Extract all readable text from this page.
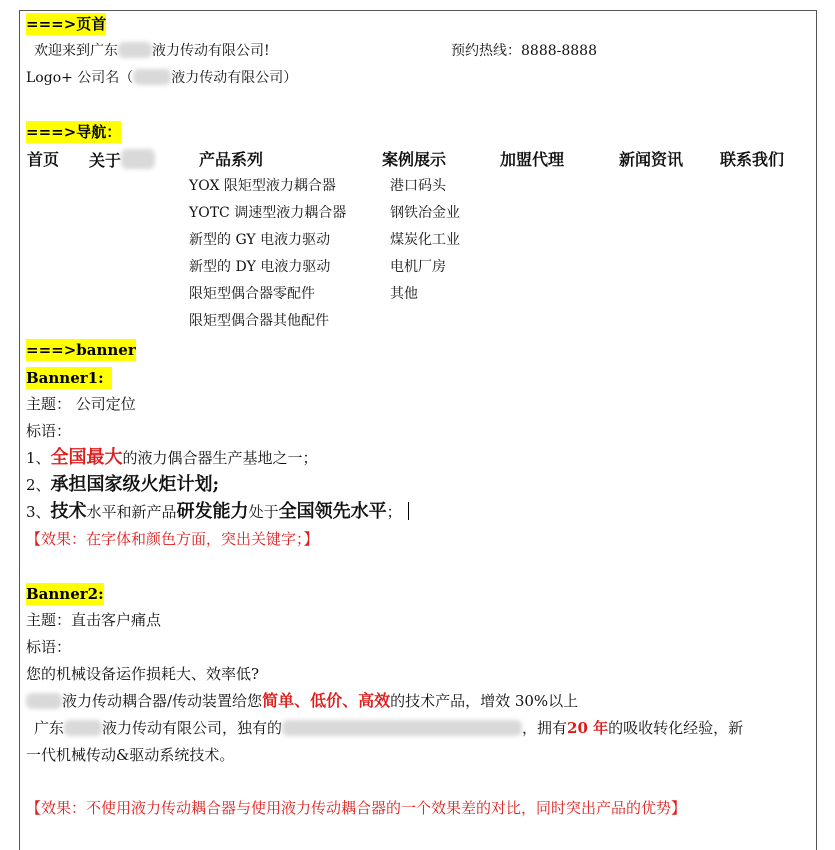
===>页首
欢迎来到广东 液力传动有限公司!	预约热线：8888-8888
Logo+ 公司名（	液力传动有限公司）
===>导航：
首页 关于	产品系列	案例展示	加盟代理	新闻资讯 联系我们
YOX 限矩型液力耦合器
YOTC 调速型液力耦合器
新型的 GY 电液力驱动
新型的 DY 电液力驱动
限矩型偶合器零配件
限矩型偶合器其他配件
港口码头
钢铁冶金业
煤炭化工业
电机厂房
其他
===>banner
Banner1:
主题： 公司定位
标语：
1、全国最大的液力偶合器生产基地之一；
2、承担国家级火炬计划;
3、技术水平和新产品研发能力处于全国领先水平；
【效果：在字体和颜色方面，突出关键字；】
Banner2:
主题：直击客户痛点
标语：
您的机械设备运作损耗大、效率低?
液力传动耦合器/传动装置给您简单、低价、高效的技术产品，增效 30%以上
广东	液力传动有限公司，独有的	，拥有20 年的吸收转化经验，新
一代机械传动&驱动系统技术。
【效果：不使用液力传动耦合器与使用液力传动耦合器的一个效果差的对比，同时突出产品的优势】
